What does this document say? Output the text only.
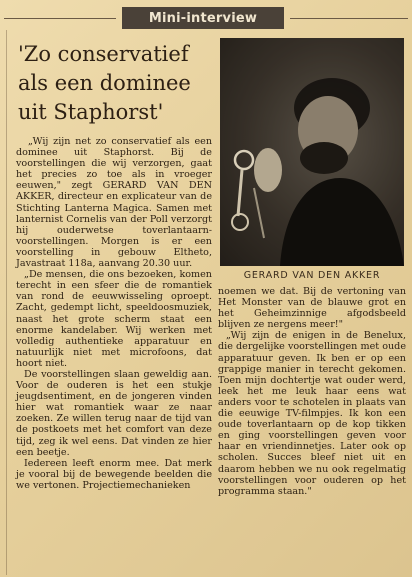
Mini-interview
'Zo conservatief
als een dominee
uit Staphorst'
GERARD VAN DEN AKKER

„Wij zijn net zo conservatief als een dominee uit Staphorst. Bij de voorstellingen die wij verzorgen, gaat het precies zo toe als in vroeger eeuwen," zegt GERARD VAN DEN AKKER, directeur en explicateur van de Stichting Lanterna Magica. Samen met lanternist Cornelis van der Poll verzorgt hij ouderwetse toverlantaarn-voorstellingen. Morgen is er een voorstelling in gebouw Eltheto, Javastraat 118a, aanvang 20.30 uur.

„De mensen, die ons bezoeken, komen terecht in een sfeer die de romantiek van rond de eeuwwisseling oproept. Zacht, gedempt licht, speeldoosmuziek, naast het grote scherm staat een enorme kandelaber. Wij werken met volledig authentieke apparatuur en natuurlijk niet met microfoons, dat hoort niet.

De voorstellingen slaan geweldig aan. Voor de ouderen is het een stukje jeugdsentiment, en de jongeren vinden hier wat romantiek waar ze naar zoeken. Ze willen terug naar de tijd van de postkoets met het comfort van deze tijd, zeg ik wel eens. Dat vinden ze hier een beetje.

Iedereen leeft enorm mee. Dat merk je vooral bij de bewegende beelden die we vertonen. Projectiemechanieken

noemen we dat. Bij de vertoning van Het Monster van de blauwe grot en het Geheimzinnige afgodsbeeld blijven ze nergens meer!"

„Wij zijn de enigen in de Benelux, die dergelijke voorstellingen met oude apparatuur geven. Ik ben er op een grappige manier in terecht gekomen. Toen mijn dochtertje wat ouder werd, leek het me leuk haar eens wat anders voor te schotelen in plaats van die eeuwige TV-filmpjes. Ik kon een oude toverlantaarn op de kop tikken en ging voorstellingen geven voor haar en vriendinnetjes. Later ook op scholen. Succes bleef niet uit en daarom hebben we nu ook regelmatig voorstellingen voor ouderen op het programma staan."
